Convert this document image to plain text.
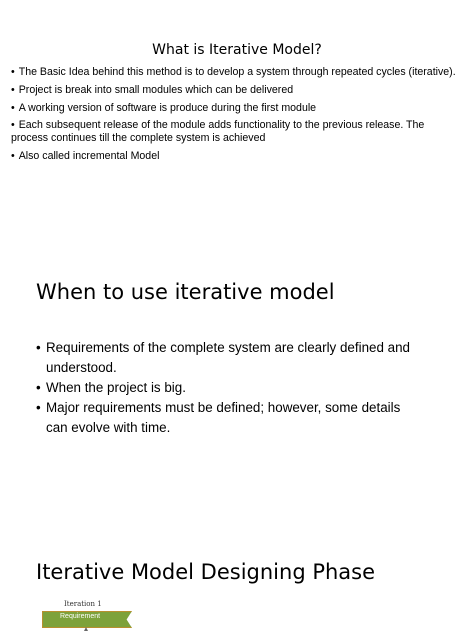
What is Iterative Model?
• The Basic Idea behind this method is to develop a system through repeated cycles (iterative).
• Project is break into small modules which can be delivered
• A working version of software is produce during the first module
• Each subsequent release of the module adds functionality to the previous release. The process continues till the complete system is achieved
• Also called incremental Model
When to use iterative model
• Requirements of the complete system are clearly defined and understood.
• When the project is big.
• Major requirements must be defined; however, some details can evolve with time.
Iterative Model Designing Phase
Iteration 1
Requirement
